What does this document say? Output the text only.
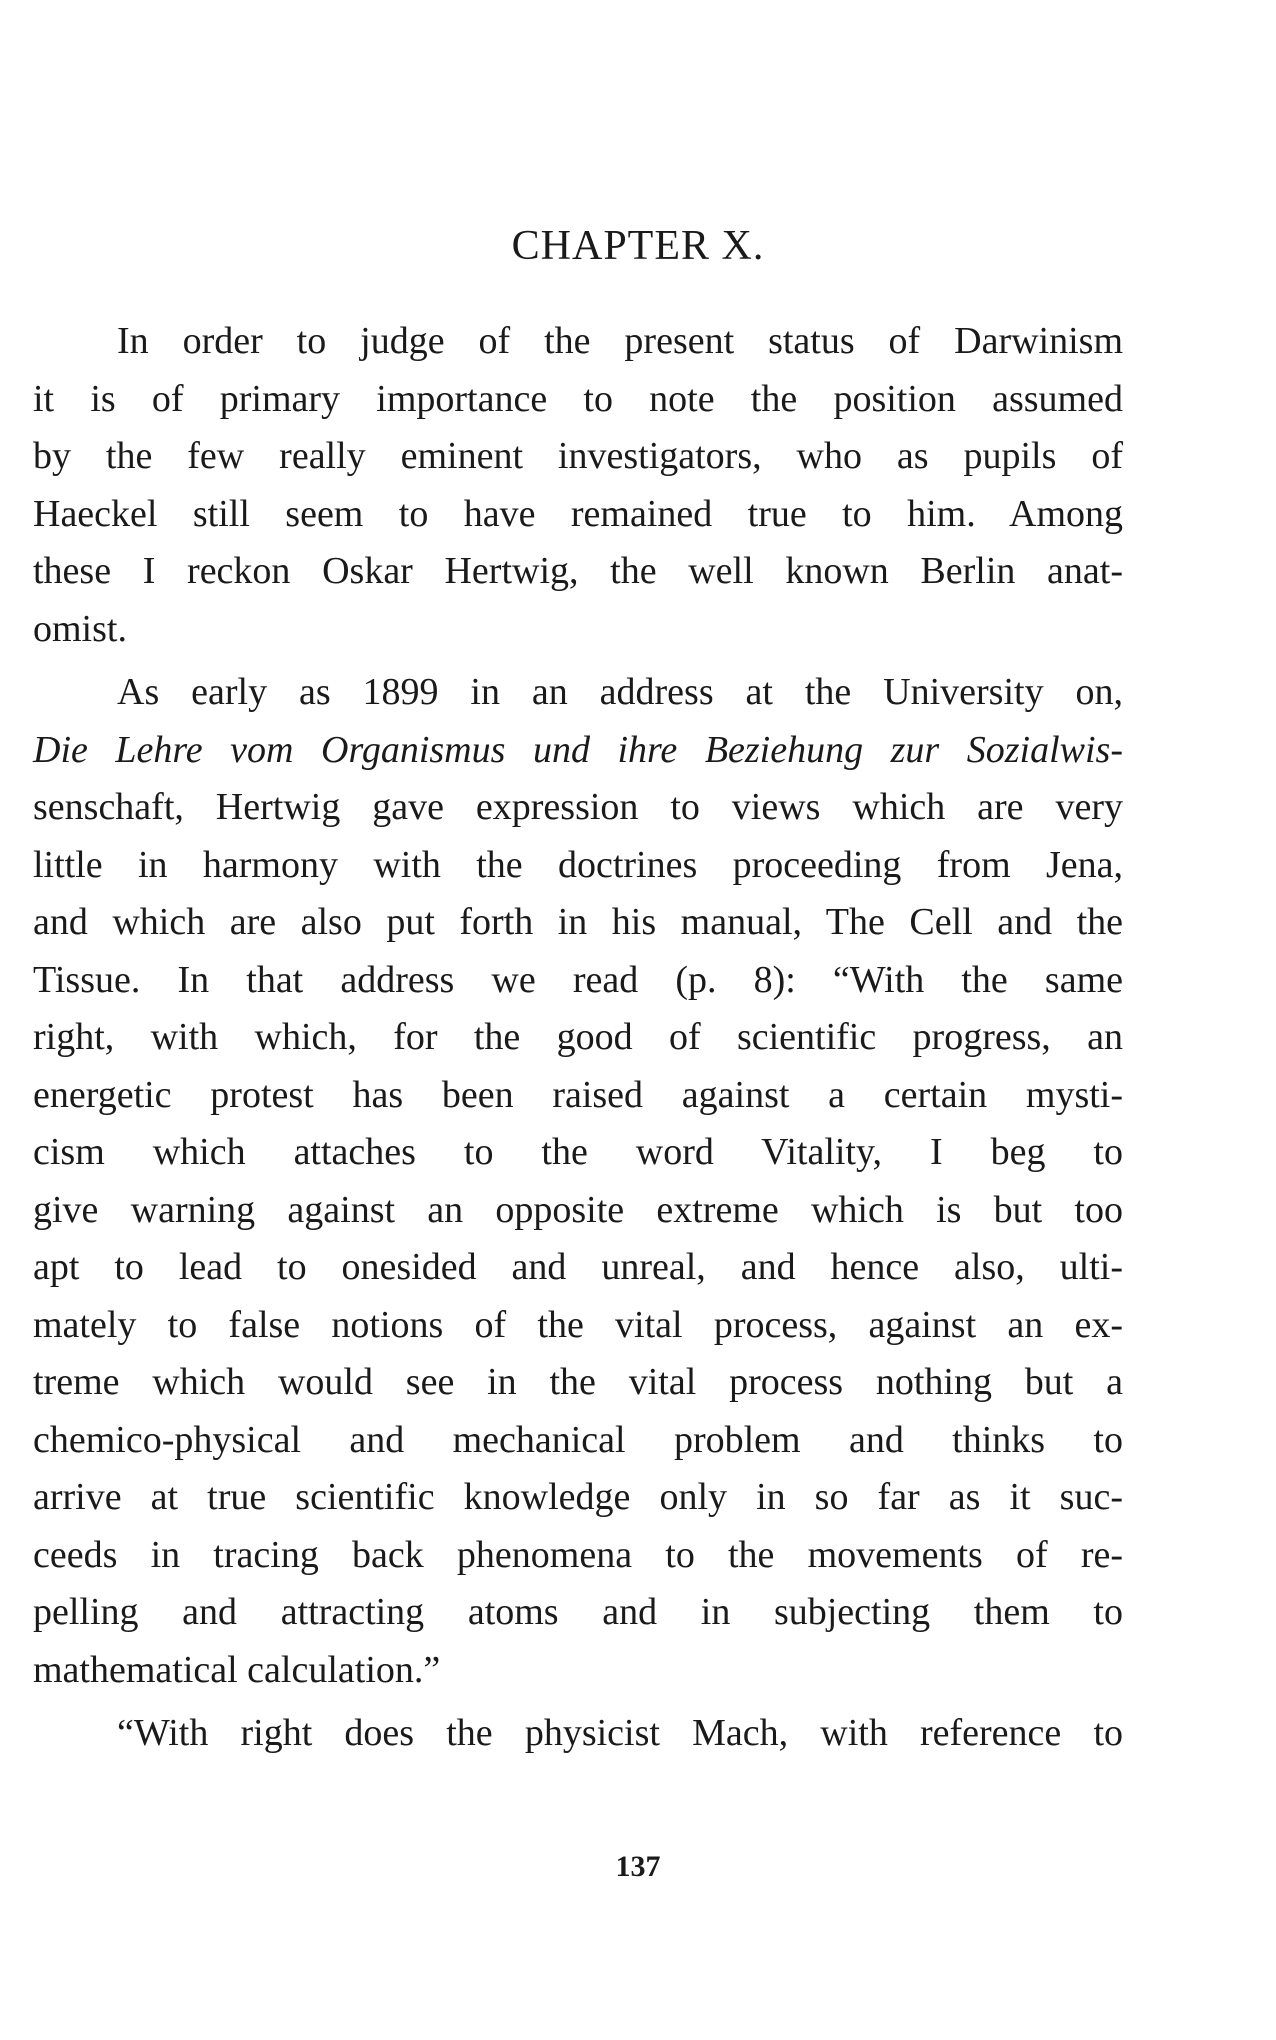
CHAPTER X.
In order to judge of the present status of Darwinism
it is of primary importance to note the position assumed
by the few really eminent investigators, who as pupils of
Haeckel still seem to have remained true to him. Among
these I reckon Oskar Hertwig, the well known Berlin anat-
omist.
As early as 1899 in an address at the University on,
Die Lehre vom Organismus und ihre Beziehung zur Sozialwis-
senschaft, Hertwig gave expression to views which are very
little in harmony with the doctrines proceeding from Jena,
and which are also put forth in his manual, The Cell and the
Tissue. In that address we read (p. 8): “With the same
right, with which, for the good of scientific progress, an
energetic protest has been raised against a certain mysti-
cism which attaches to the word Vitality, I beg to
give warning against an opposite extreme which is but too
apt to lead to onesided and unreal, and hence also, ulti-
mately to false notions of the vital process, against an ex-
treme which would see in the vital process nothing but a
chemico-physical and mechanical problem and thinks to
arrive at true scientific knowledge only in so far as it suc-
ceeds in tracing back phenomena to the movements of re-
pelling and attracting atoms and in subjecting them to
mathematical calculation.”
“With right does the physicist Mach, with reference to
137
